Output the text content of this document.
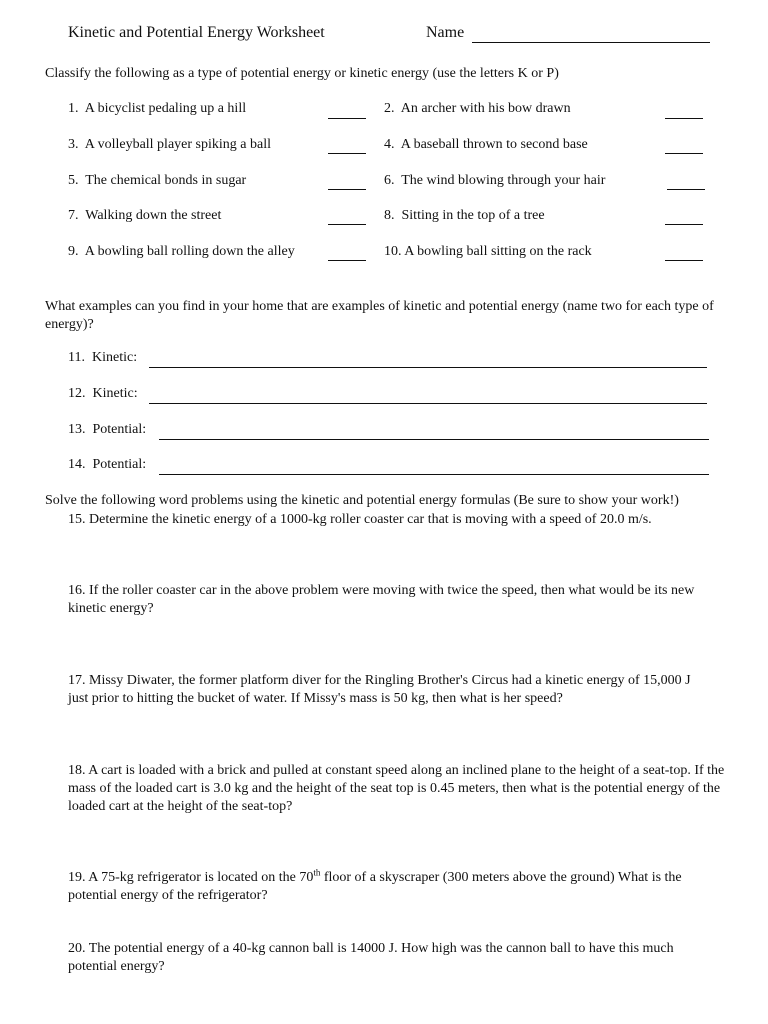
Kinetic and Potential Energy Worksheet	Name
Classify the following as a type of potential energy or kinetic energy (use the letters K or P)
1. A bicyclist pedaling up a hill	2. An archer with his bow drawn
3. A volleyball player spiking a ball	4. A baseball thrown to second base
5. The chemical bonds in sugar	6. The wind blowing through your hair
7. Walking down the street	8. Sitting in the top of a tree
9. A bowling ball rolling down the alley	10. A bowling ball sitting on the rack
What examples can you find in your home that are examples of kinetic and potential energy (name two for each type of energy)?
11. Kinetic:
12. Kinetic:
13. Potential:
14. Potential:
Solve the following word problems using the kinetic and potential energy formulas (Be sure to show your work!)
15. Determine the kinetic energy of a 1000-kg roller coaster car that is moving with a speed of 20.0 m/s.
16. If the roller coaster car in the above problem were moving with twice the speed, then what would be its new kinetic energy?
17. Missy Diwater, the former platform diver for the Ringling Brother's Circus had a kinetic energy of 15,000 J just prior to hitting the bucket of water. If Missy's mass is 50 kg, then what is her speed?
18. A cart is loaded with a brick and pulled at constant speed along an inclined plane to the height of a seat-top. If the mass of the loaded cart is 3.0 kg and the height of the seat top is 0.45 meters, then what is the potential energy of the loaded cart at the height of the seat-top?
19. A 75-kg refrigerator is located on the 70th floor of a skyscraper (300 meters above the ground) What is the potential energy of the refrigerator?
20. The potential energy of a 40-kg cannon ball is 14000 J. How high was the cannon ball to have this much potential energy?
